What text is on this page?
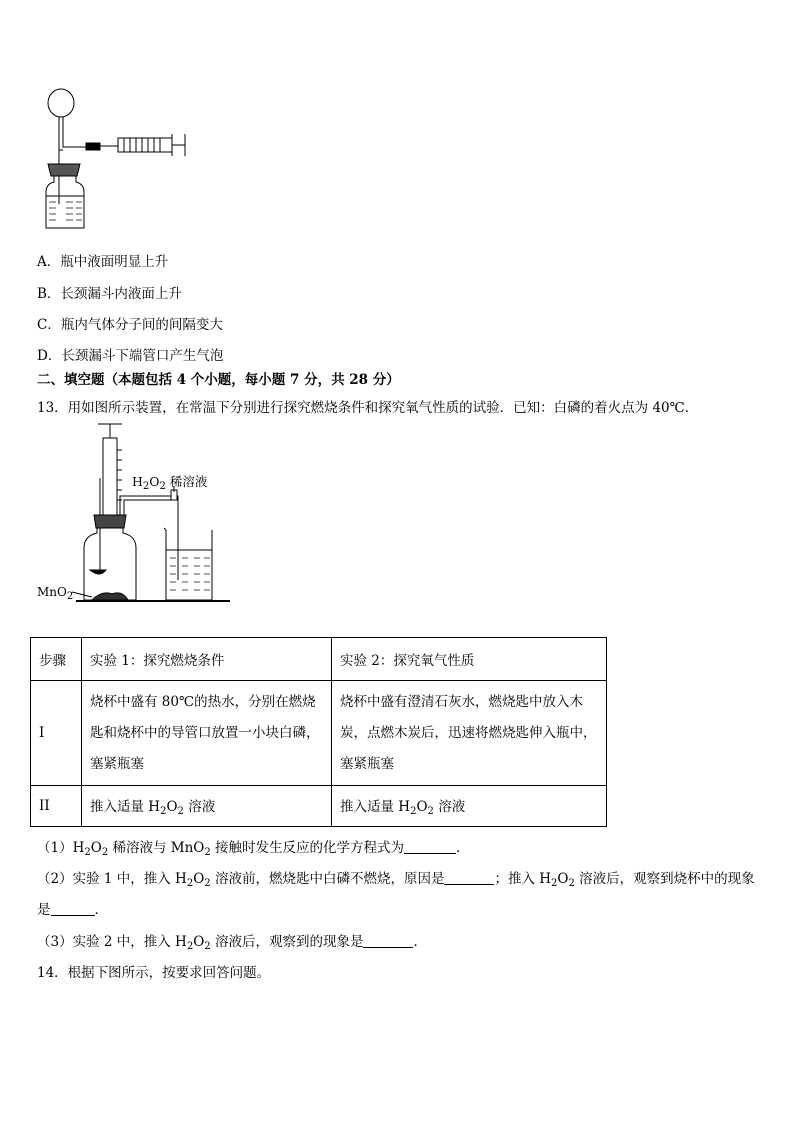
A．瓶中液面明显上升
B．长颈漏斗内液面上升
C．瓶内气体分子间的间隔变大
D．长颈漏斗下端管口产生气泡
二、填空题（本题包括 4 个小题，每小题 7 分，共 28 分）
13．用如图所示装置，在常温下分别进行探究燃烧条件和探究氧气性质的试验．已知：白磷的着火点为 40℃．
$H_2O_2$ 稀溶液
MnO$_2$
步骤	实验 1：探究燃烧条件	实验 2：探究氧气性质
I	烧杯中盛有 80℃的热水，分别在燃烧匙和烧杯中的导管口放置一小块白磷，塞紧瓶塞	烧杯中盛有澄清石灰水，燃烧匙中放入木炭，点燃木炭后，迅速将燃烧匙伸入瓶中，塞紧瓶塞
II	推入适量 $H_2O_2$ 溶液	推入适量 $H_2O_2$ 溶液
$(1)H_2O_2$ 稀溶液与 MnO$_2$ 接触时发生反应的化学方程式为	．
（2）实验 1 中，推入 $H_2O_2$ 溶液前，燃烧匙中白磷不燃烧，原因是	；推入 $H_2O_2$ 溶液后，观察到烧杯中的现象
是	．
（3）实验 2 中，推入 $H_2O_2$ 溶液后，观察到的现象是	．
14．根据下图所示，按要求回答问题。
